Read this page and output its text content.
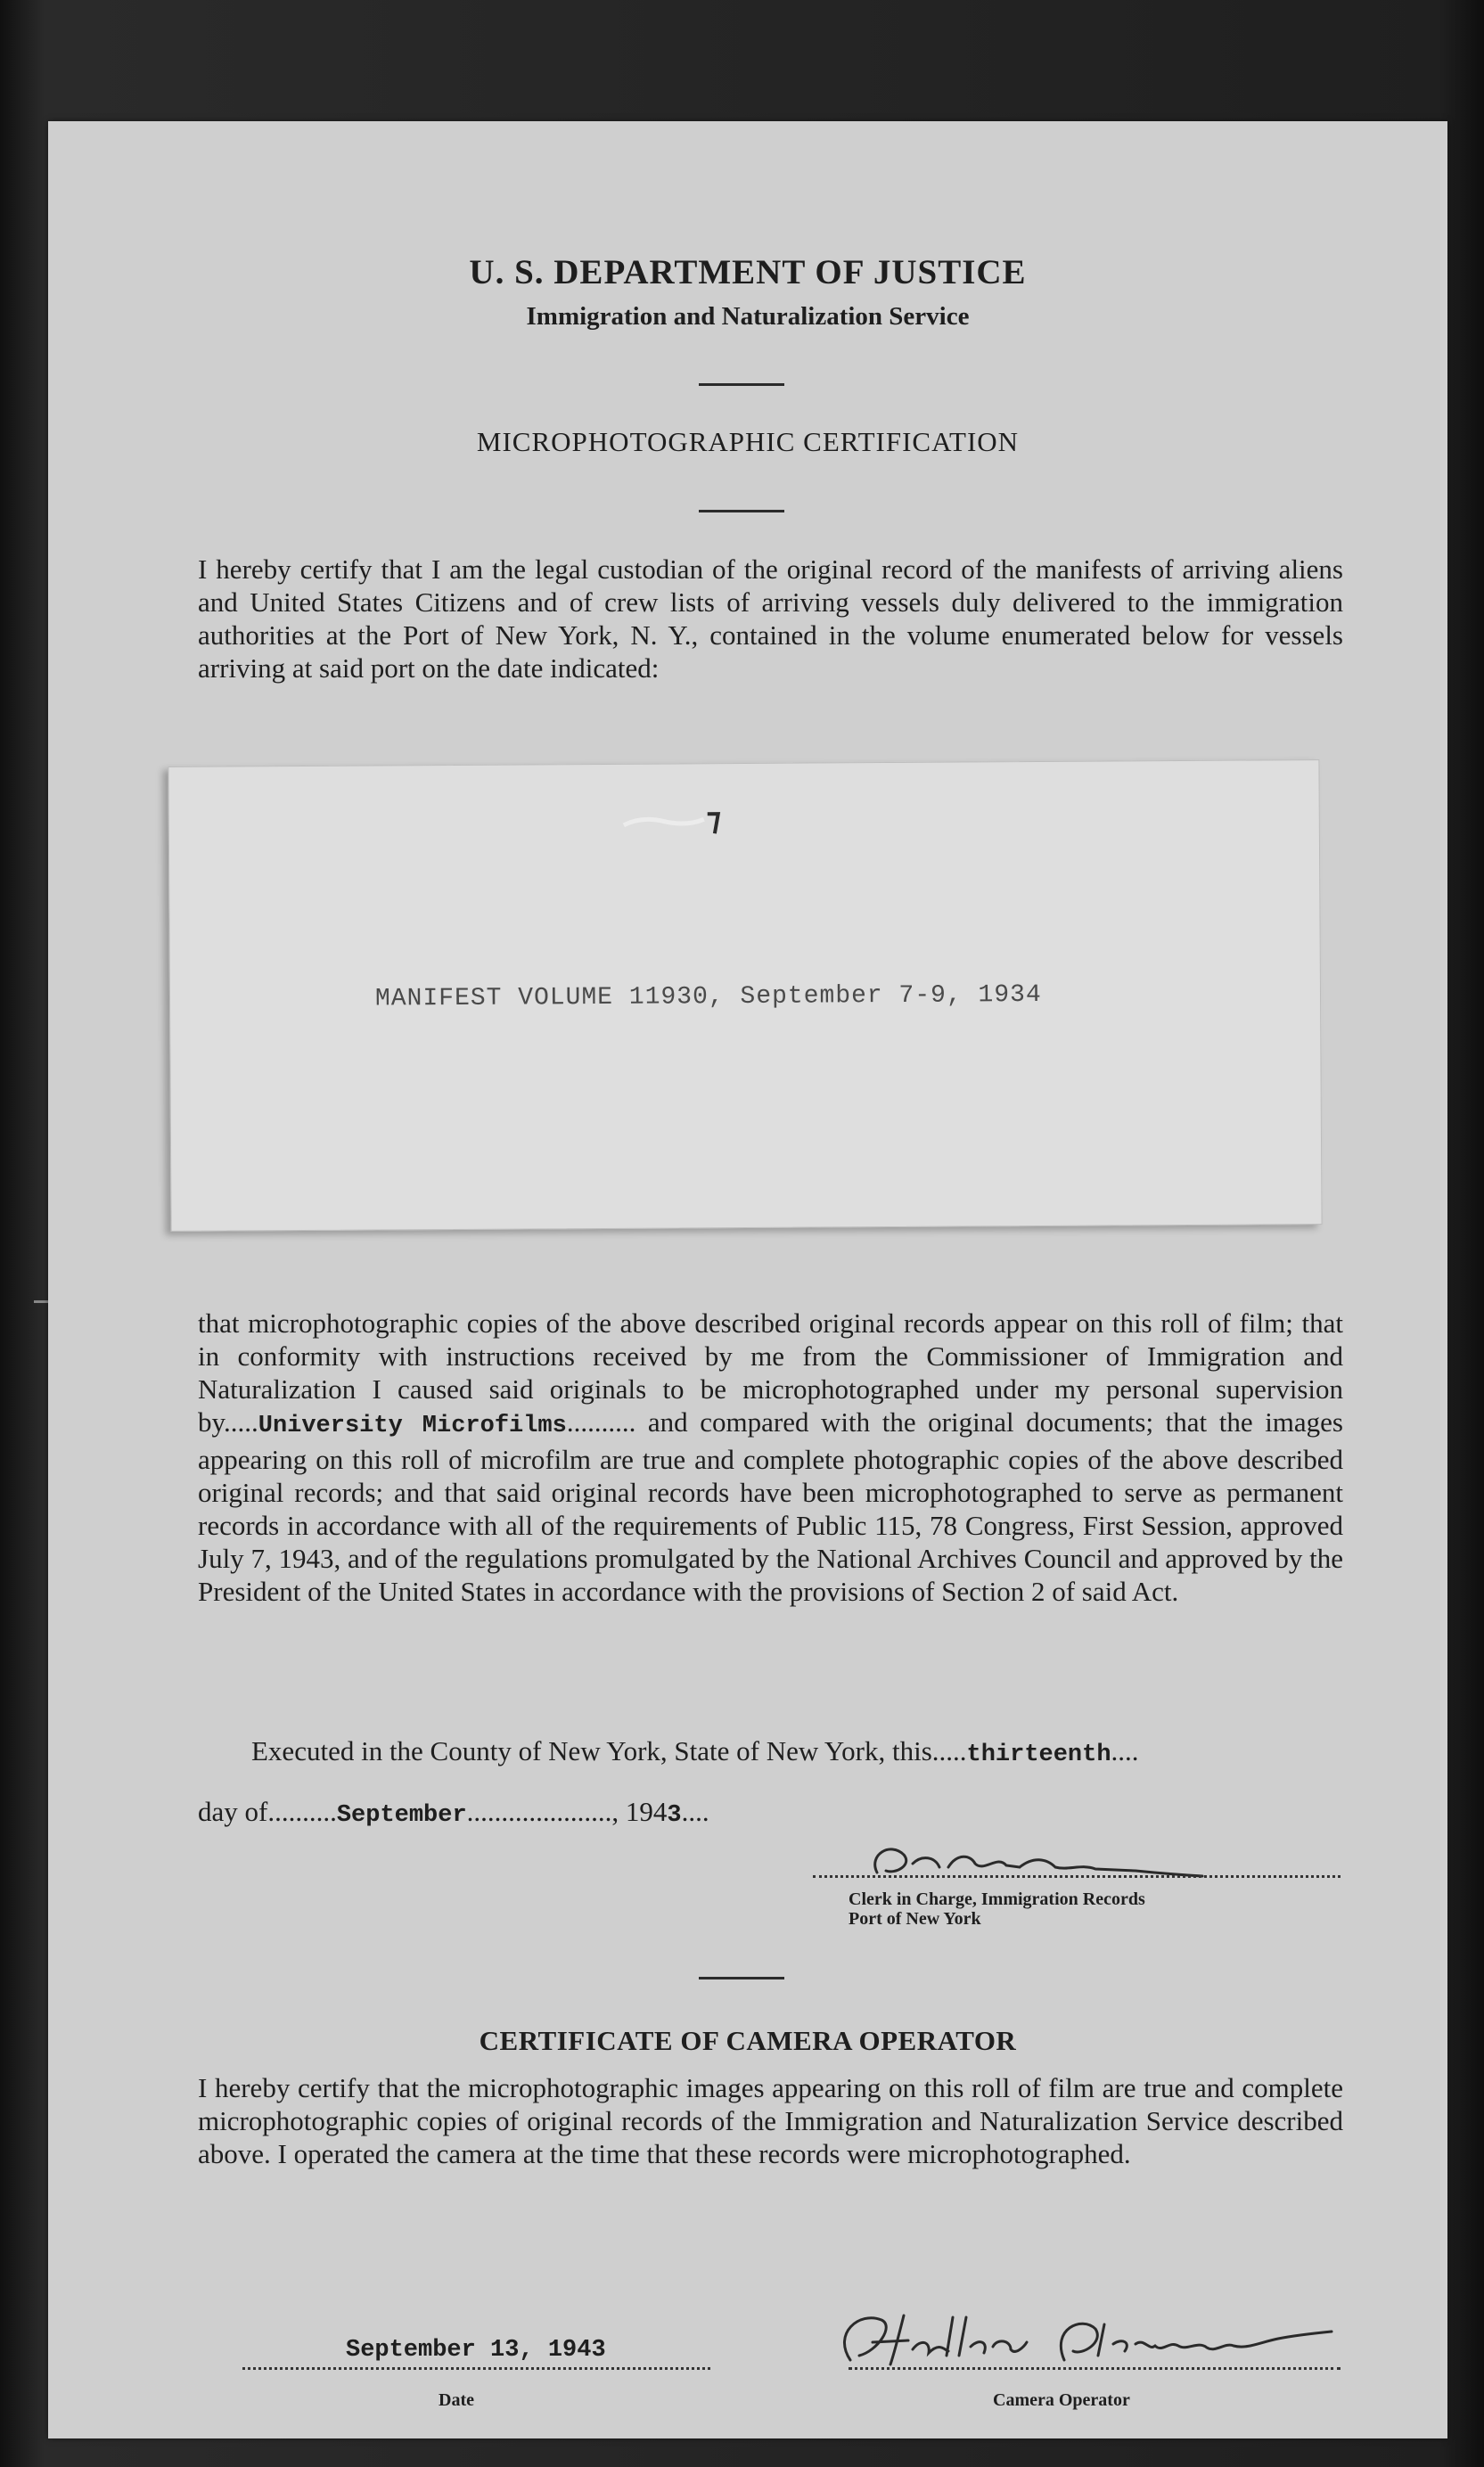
U. S. DEPARTMENT OF JUSTICE
Immigration and Naturalization Service
MICROPHOTOGRAPHIC CERTIFICATION

I hereby certify that I am the legal custodian of the original record of the manifests of arriving aliens and United States Citizens and of crew lists of arriving vessels duly delivered to the immigration authorities at the Port of New York, N. Y., contained in the volume enumerated below for vessels arriving at said port on the date indicated:

MANIFEST VOLUME 11930, September 7-9, 1934

that microphotographic copies of the above described original records appear on this roll of film; that in conformity with instructions received by me from the Commissioner of Immigration and Naturalization I caused said originals to be microphotographed under my personal supervision by.....University Microfilms.......... and compared with the original documents; that the images appearing on this roll of microfilm are true and complete photographic copies of the above described original records; and that said original records have been microphotographed to serve as permanent records in accordance with all of the requirements of Public 115, 78 Congress, First Session, approved July 7, 1943, and of the regulations promulgated by the National Archives Council and approved by the President of the United States in accordance with the provisions of Section 2 of said Act.

Executed in the County of New York, State of New York, this.....thirteenth....
day of..........September....................., 1943....
Clerk in Charge, Immigration Records
Port of New York
CERTIFICATE OF CAMERA OPERATOR

I hereby certify that the microphotographic images appearing on this roll of film are true and complete microphotographic copies of original records of the Immigration and Naturalization Service described above. I operated the camera at the time that these records were microphotographed.

September 13, 1943
Date	Camera Operator
